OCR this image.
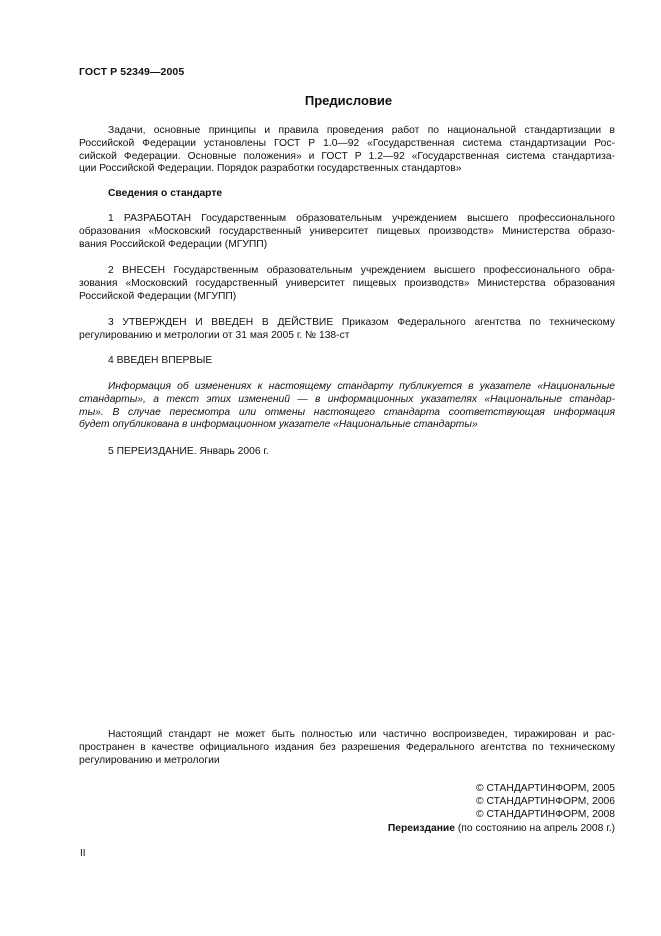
ГОСТ Р 52349—2005
Предисловие
Задачи, основные принципы и правила проведения работ по национальной стандартизации в
Российской Федерации установлены ГОСТ Р 1.0—92 «Государственная система стандартизации Рос-
сийской Федерации. Основные положения» и ГОСТ Р 1.2—92 «Государственная система стандартиза-
ции Российской Федерации. Порядок разработки государственных стандартов»
Сведения о стандарте
1 РАЗРАБОТАН Государственным образовательным учреждением высшего профессионального
образования «Московский государственный университет пищевых производств» Министерства образо-
вания Российской Федерации (МГУПП)
2 ВНЕСЕН Государственным образовательным учреждением высшего профессионального обра-
зования «Московский государственный университет пищевых производств» Министерства образования
Российской Федерации (МГУПП)
3 УТВЕРЖДЕН И ВВЕДЕН В ДЕЙСТВИЕ Приказом Федерального агентства по техническому
регулированию и метрологии от 31 мая 2005 г. № 138-ст
4 ВВЕДЕН ВПЕРВЫЕ
Информация об изменениях к настоящему стандарту публикуется в указателе «Национальные
стандарты», а текст этих изменений — в информационных указателях «Национальные стандар-
ты». В случае пересмотра или отмены настоящего стандарта соответствующая информация
будет опубликована в информационном указателе «Национальные стандарты»
5 ПЕРЕИЗДАНИЕ. Январь 2006 г.
Настоящий стандарт не может быть полностью или частично воспроизведен, тиражирован и рас-
пространен в качестве официального издания без разрешения Федерального агентства по техническому
регулированию и метрологии
© СТАНДАРТИНФОРМ, 2005
© СТАНДАРТИНФОРМ, 2006
© СТАНДАРТИНФОРМ, 2008
Переиздание (по состоянию на апрель 2008 г.)
II
